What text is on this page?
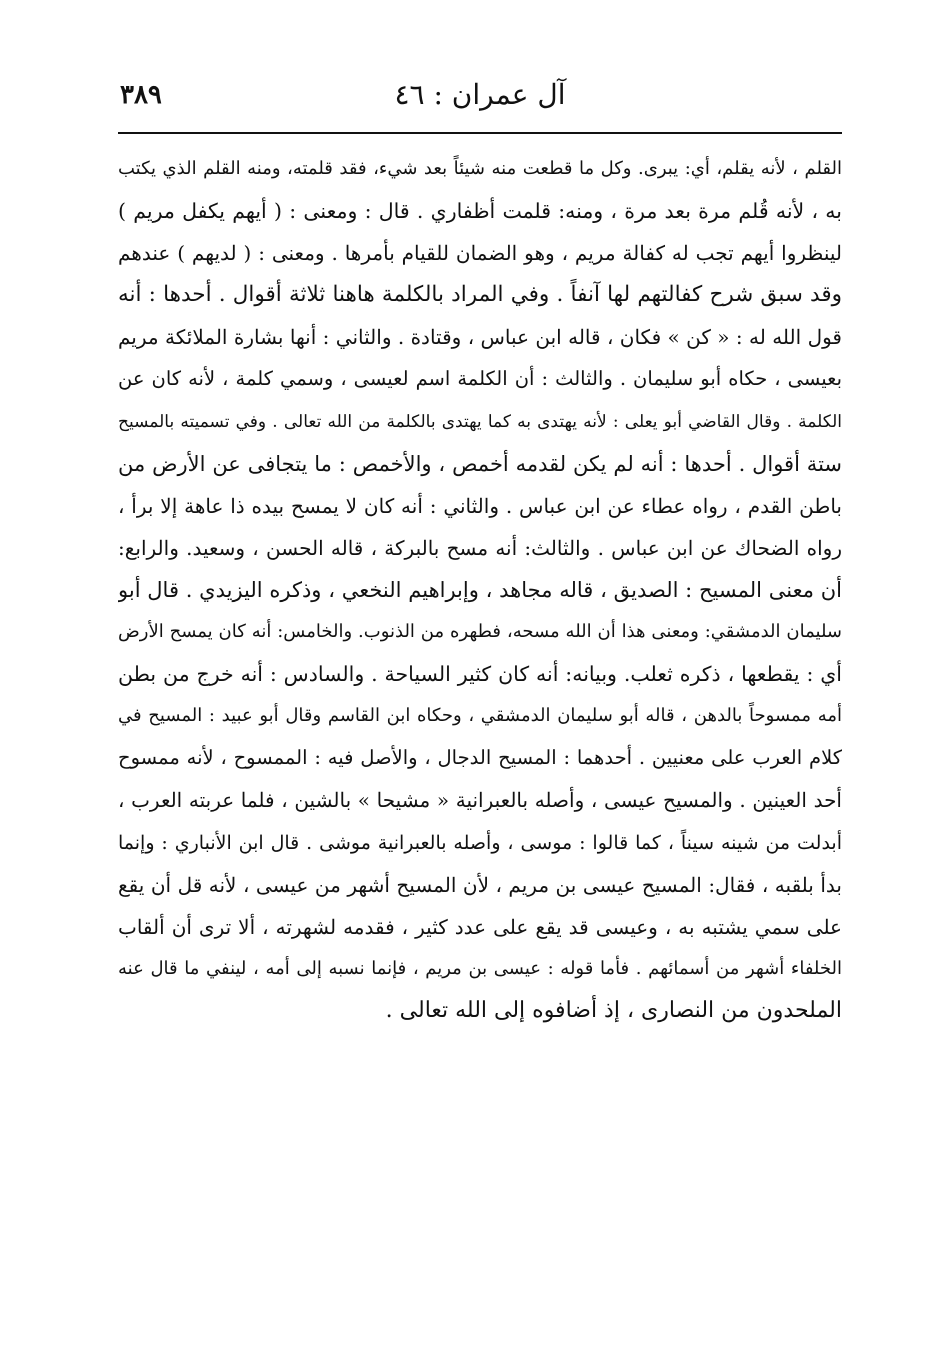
آل عمران : ٤٦
٣٨٩
القلم ، لأنه يقلم، أي: يبرى. وكل ما قطعت منه شيئاً بعد شيء، فقد قلمته، ومنه القلم الذي يكتب
به ، لأنه قُلم مرة بعد مرة ، ومنه: قلمت أظفاري . قال : ومعنى : ( أيهم يكفل مريم )
لينظروا أيهم تجب له كفالة مريم ، وهو الضمان للقيام بأمرها . ومعنى : ( لديهم ) عندهم
وقد سبق شرح كفالتهم لها آنفاً . وفي المراد بالكلمة هاهنا ثلاثة أقوال . أحدها : أنه
قول الله له : « كن » فكان ، قاله ابن عباس ، وقتادة . والثاني : أنها بشارة الملائكة مريم
بعيسى ، حكاه أبو سليمان . والثالث : أن الكلمة اسم لعيسى ، وسمي كلمة ، لأنه كان عن
الكلمة . وقال القاضي أبو يعلى : لأنه يهتدى به كما يهتدى بالكلمة من الله تعالى . وفي تسميته بالمسيح
ستة أقوال . أحدها : أنه لم يكن لقدمه أخمص ، والأخمص : ما يتجافى عن الأرض من
باطن القدم ، رواه عطاء عن ابن عباس . والثاني : أنه كان لا يمسح بيده ذا عاهة إلا برأ ،
رواه الضحاك عن ابن عباس . والثالث: أنه مسح بالبركة ، قاله الحسن ، وسعيد. والرابع:
أن معنى المسيح : الصديق ، قاله مجاهد ، وإبراهيم النخعي ، وذكره اليزيدي . قال أبو
سليمان الدمشقي: ومعنى هذا أن الله مسحه، فطهره من الذنوب. والخامس: أنه كان يمسح الأرض
أي : يقطعها ، ذكره ثعلب. وبيانه: أنه كان كثير السياحة . والسادس : أنه خرج من بطن
أمه ممسوحاً بالدهن ، قاله أبو سليمان الدمشقي ، وحكاه ابن القاسم وقال أبو عبيد : المسيح في
كلام العرب على معنيين . أحدهما : المسيح الدجال ، والأصل فيه : الممسوح ، لأنه ممسوح
أحد العينين . والمسيح عيسى ، وأصله بالعبرانية « مشيحا » بالشين ، فلما عربته العرب ،
أبدلت من شينه سيناً ، كما قالوا : موسى ، وأصله بالعبرانية موشى . قال ابن الأنباري : وإنما
بدأ بلقبه ، فقال: المسيح عيسى بن مريم ، لأن المسيح أشهر من عيسى ، لأنه قل أن يقع
على سمي يشتبه به ، وعيسى قد يقع على عدد كثير ، فقدمه لشهرته ، ألا ترى أن ألقاب
الخلفاء أشهر من أسمائهم . فأما قوله : عيسى بن مريم ، فإنما نسبه إلى أمه ، لينفي ما قال عنه
الملحدون من النصارى ، إذ أضافوه إلى الله تعالى .
